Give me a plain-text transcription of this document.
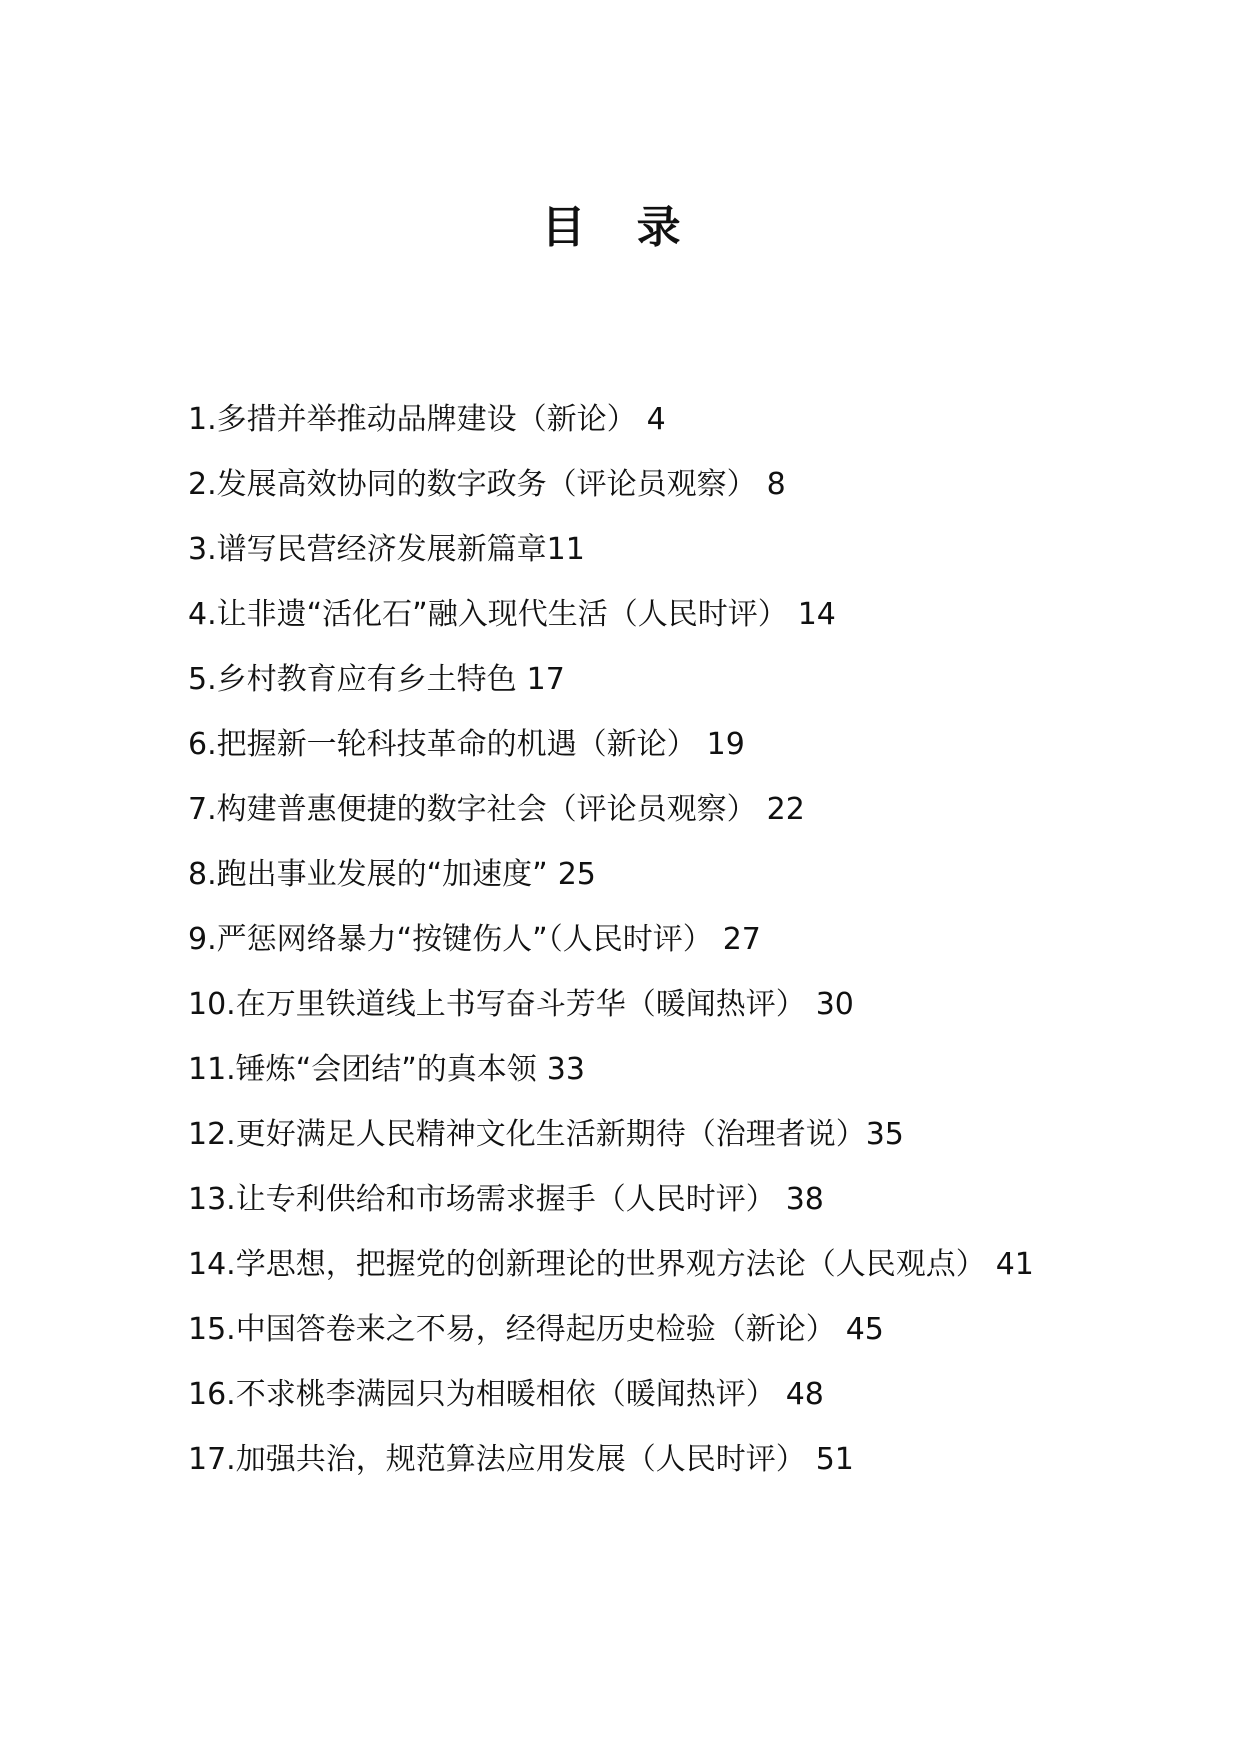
目 录
1.多措并举推动品牌建设（新论） 4
2.发展高效协同的数字政务（评论员观察） 8
3.谱写民营经济发展新篇章11
4.让非遗“活化石”融入现代生活（人民时评） 14
5.乡村教育应有乡土特色 17
6.把握新一轮科技革命的机遇（新论） 19
7.构建普惠便捷的数字社会（评论员观察） 22
8.跑出事业发展的“加速度” 25
9.严惩网络暴力“按键伤人”（人民时评） 27
10.在万里铁道线上书写奋斗芳华（暖闻热评） 30
11.锤炼“会团结”的真本领 33
12.更好满足人民精神文化生活新期待（治理者说）35
13.让专利供给和市场需求握手（人民时评） 38
14.学思想，把握党的创新理论的世界观方法论（人民观点） 41
15.中国答卷来之不易，经得起历史检验（新论） 45
16.不求桃李满园只为相暖相依（暖闻热评） 48
17.加强共治，规范算法应用发展（人民时评） 51
